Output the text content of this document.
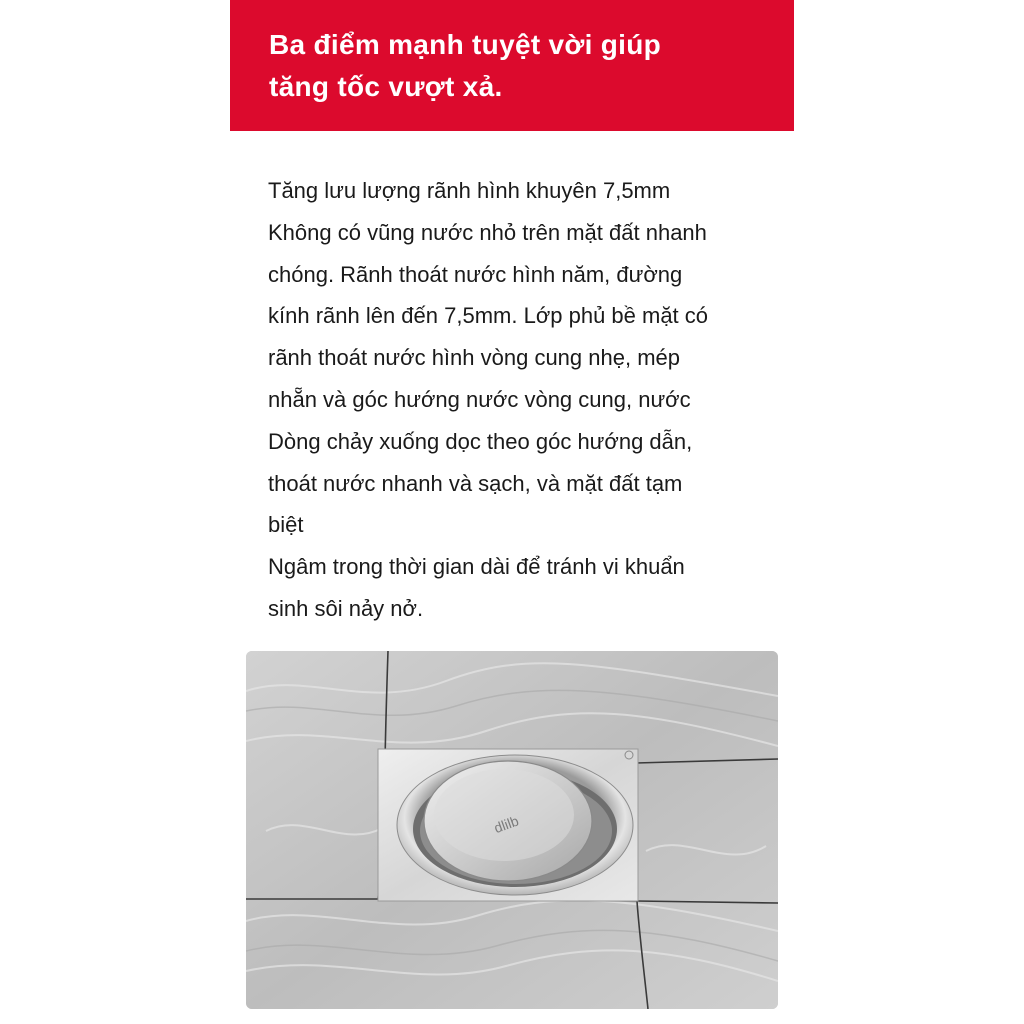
Ba điểm mạnh tuyệt vời giúp
tăng tốc vượt xả.

Tăng lưu lượng rãnh hình khuyên 7,5mm
Không có vũng nước nhỏ trên mặt đất nhanh
chóng. Rãnh thoát nước hình năm, đường
kính rãnh lên đến 7,5mm. Lớp phủ bề mặt có
rãnh thoát nước hình vòng cung nhẹ, mép
nhẵn và góc hướng nước vòng cung, nước
Dòng chảy xuống dọc theo góc hướng dẫn,
thoát nước nhanh và sạch, và mặt đất tạm
biệt
Ngâm trong thời gian dài để tránh vi khuẩn
sinh sôi nảy nở.

dlilb
